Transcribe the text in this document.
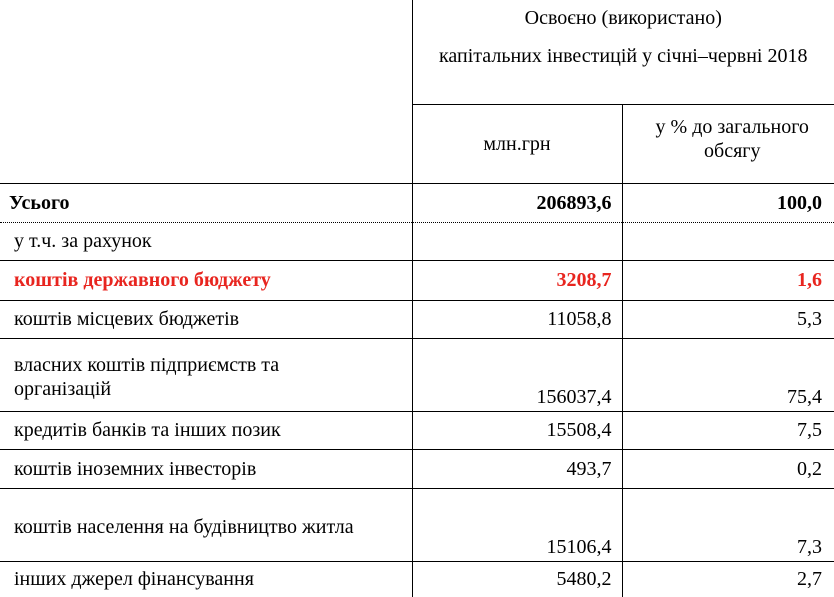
	Освоєно (використано)
капітальних інвестицій у січні–червні 2018	

	млн.грн	у % до загального обсягу
Усього	206893,6	100,0
у т.ч. за рахунок		
коштів державного бюджету	3208,7	1,6
коштів місцевих бюджетів	11058,8	5,3
власних коштів підприємств та організацій	156037,4	75,4
кредитів банків та інших позик	15508,4	7,5
коштів іноземних інвесторів	493,7	0,2
коштів населення на будівництво житла	15106,4	7,3
інших джерел фінансування	5480,2	2,7
